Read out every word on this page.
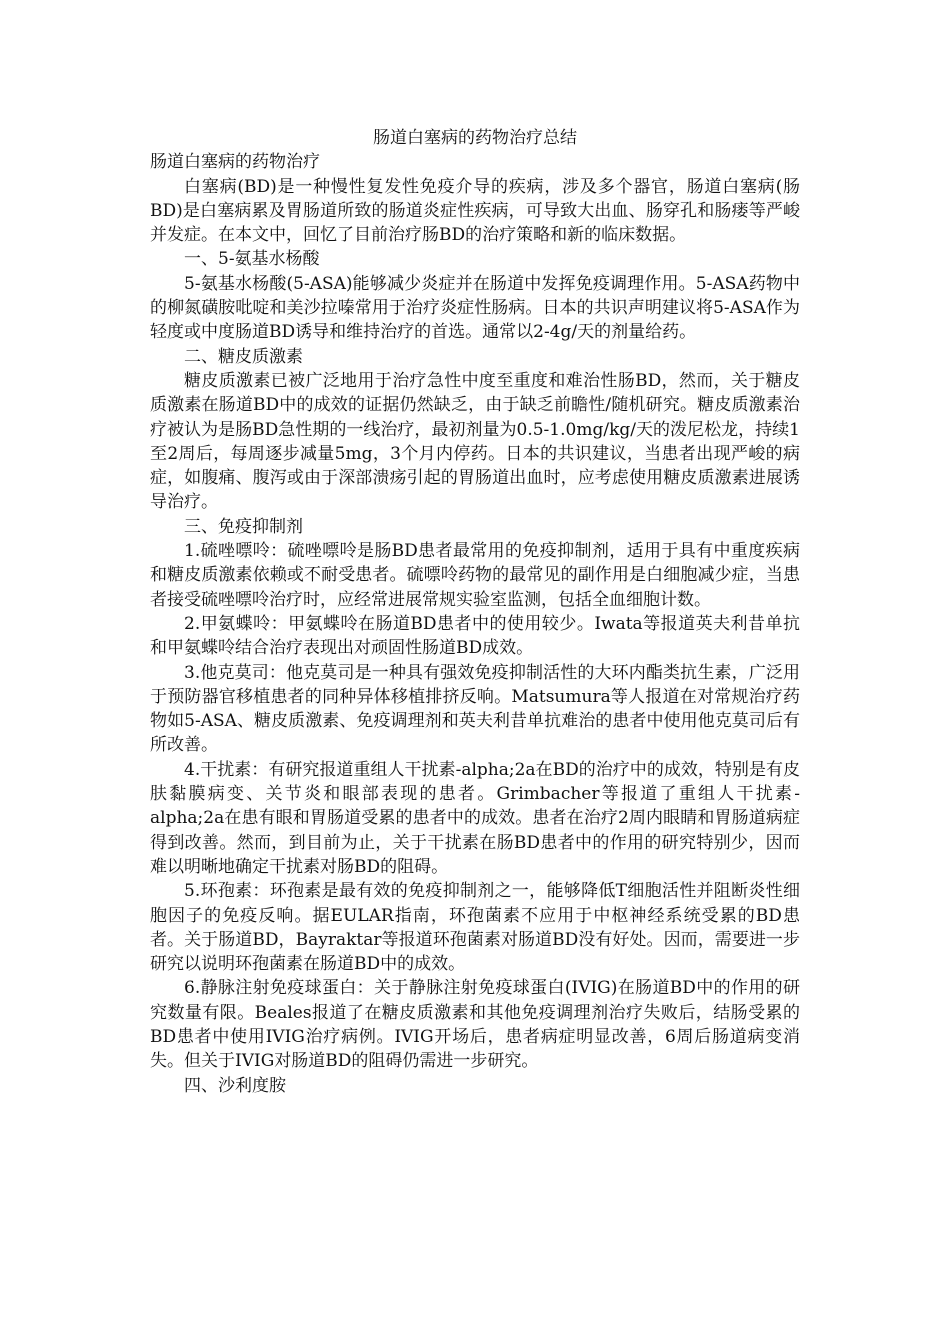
肠道白塞病的药物治疗总结

肠道白塞病的药物治疗

白塞病(BD)是一种慢性复发性免疫介导的疾病，涉及多个器官，肠道白塞病(肠BD)是白塞病累及胃肠道所致的肠道炎症性疾病，可导致大出血、肠穿孔和肠瘘等严峻并发症。在本文中，回忆了目前治疗肠BD的治疗策略和新的临床数据。

一、5-氨基水杨酸

5-氨基水杨酸(5-ASA)能够减少炎症并在肠道中发挥免疫调理作用。5-ASA药物中的柳氮磺胺吡啶和美沙拉嗪常用于治疗炎症性肠病。日本的共识声明建议将5-ASA作为轻度或中度肠道BD诱导和维持治疗的首选。通常以2-4g/天的剂量给药。

二、糖皮质激素

糖皮质激素已被广泛地用于治疗急性中度至重度和难治性肠BD，然而，关于糖皮质激素在肠道BD中的成效的证据仍然缺乏，由于缺乏前瞻性/随机研究。糖皮质激素治疗被认为是肠BD急性期的一线治疗，最初剂量为0.5-1.0mg/kg/天的泼尼松龙，持续1至2周后，每周逐步减量5mg，3个月内停药。日本的共识建议，当患者出现严峻的病症，如腹痛、腹泻或由于深部溃疡引起的胃肠道出血时，应考虑使用糖皮质激素进展诱导治疗。

三、免疫抑制剂

1.硫唑嘌呤：硫唑嘌呤是肠BD患者最常用的免疫抑制剂，适用于具有中重度疾病和糖皮质激素依赖或不耐受患者。硫嘌呤药物的最常见的副作用是白细胞减少症，当患者接受硫唑嘌呤治疗时，应经常进展常规实验室监测，包括全血细胞计数。

2.甲氨蝶呤：甲氨蝶呤在肠道BD患者中的使用较少。Iwata等报道英夫利昔单抗和甲氨蝶呤结合治疗表现出对顽固性肠道BD成效。

3.他克莫司：他克莫司是一种具有强效免疫抑制活性的大环内酯类抗生素，广泛用于预防器官移植患者的同种异体移植排挤反响。Matsumura等人报道在对常规治疗药物如5-ASA、糖皮质激素、免疫调理剂和英夫利昔单抗难治的患者中使用他克莫司后有所改善。

4.干扰素：有研究报道重组人干扰素-alpha;2a在BD的治疗中的成效，特别是有皮肤黏膜病变、关节炎和眼部表现的患者。Grimbacher等报道了重组人干扰素-alpha;2a在患有眼和胃肠道受累的患者中的成效。患者在治疗2周内眼睛和胃肠道病症得到改善。然而，到目前为止，关于干扰素在肠BD患者中的作用的研究特别少，因而难以明晰地确定干扰素对肠BD的阻碍。

5.环孢素：环孢素是最有效的免疫抑制剂之一，能够降低T细胞活性并阻断炎性细胞因子的免疫反响。据EULAR指南，环孢菌素不应用于中枢神经系统受累的BD患者。关于肠道BD，Bayraktar等报道环孢菌素对肠道BD没有好处。因而，需要进一步研究以说明环孢菌素在肠道BD中的成效。

6.静脉注射免疫球蛋白：关于静脉注射免疫球蛋白(IVIG)在肠道BD中的作用的研究数量有限。Beales报道了在糖皮质激素和其他免疫调理剂治疗失败后，结肠受累的BD患者中使用IVIG治疗病例。IVIG开场后，患者病症明显改善，6周后肠道病变消失。但关于IVIG对肠道BD的阻碍仍需进一步研究。

四、沙利度胺
